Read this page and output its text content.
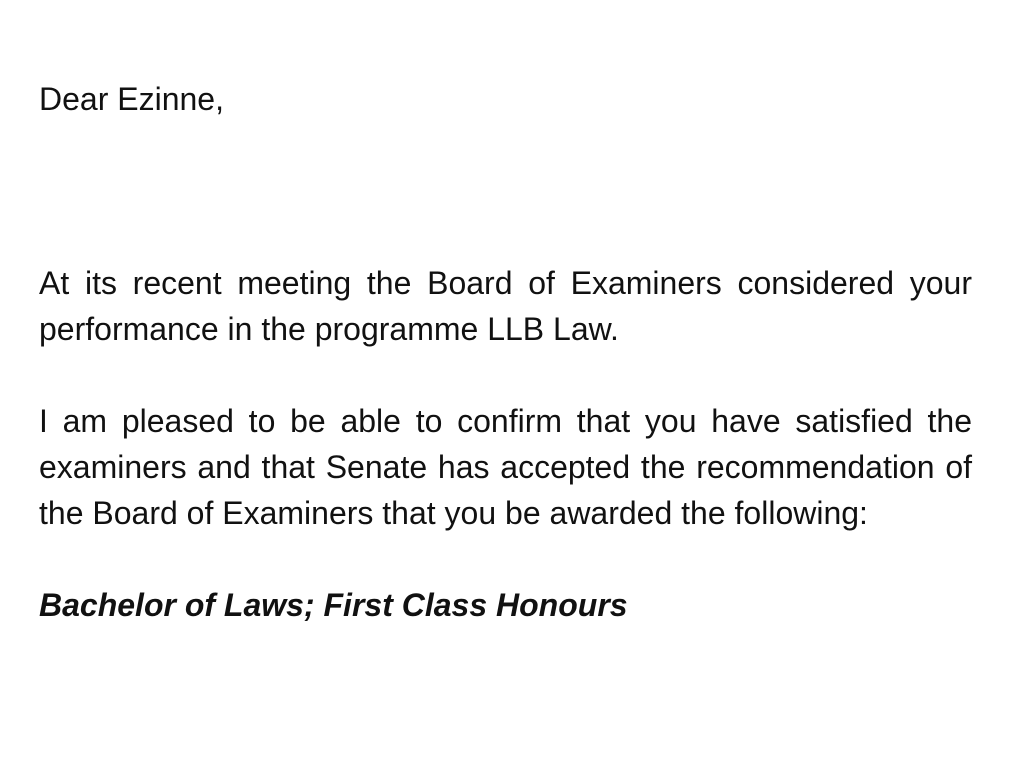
Dear Ezinne,

At its recent meeting the Board of Examiners considered your performance in the programme LLB Law.

I am pleased to be able to confirm that you have satisfied the examiners and that Senate has accepted the recommendation of the Board of Examiners that you be awarded the following:

Bachelor of Laws; First Class Honours
